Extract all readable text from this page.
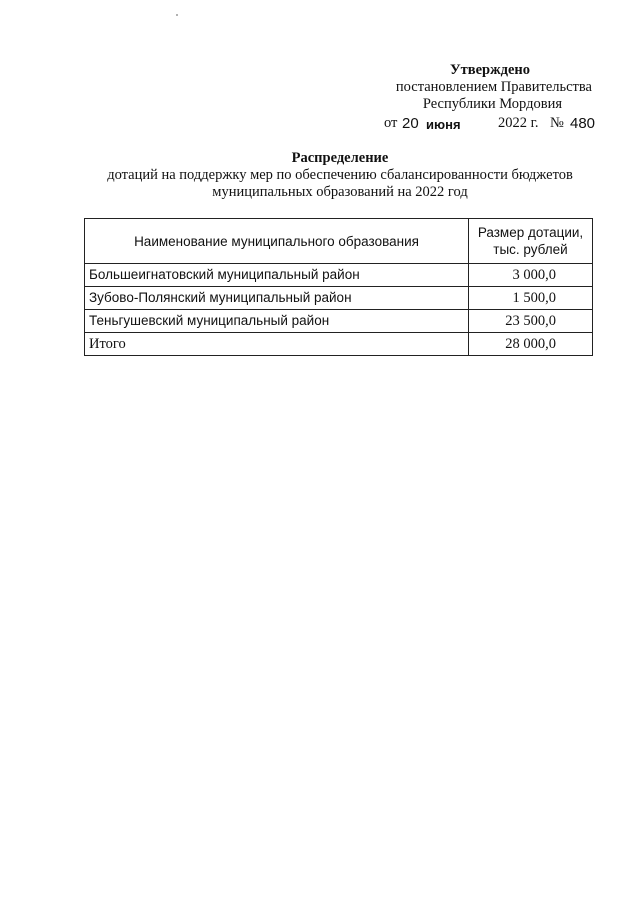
Утверждено
постановлением Правительства
Республики Мордовия
от 20 июня	2022 г. № 480
Распределение
дотаций на поддержку мер по обеспечению сбалансированности бюджетов
муниципальных образований на 2022 год
Наименование муниципального образования	Размер дотации,
тыс. рублей
Большеигнатовский муниципальный район	3 000,0
Зубово-Полянский муниципальный район	1 500,0
Теньгушевский муниципальный район	23 500,0
Итого	28 000,0
